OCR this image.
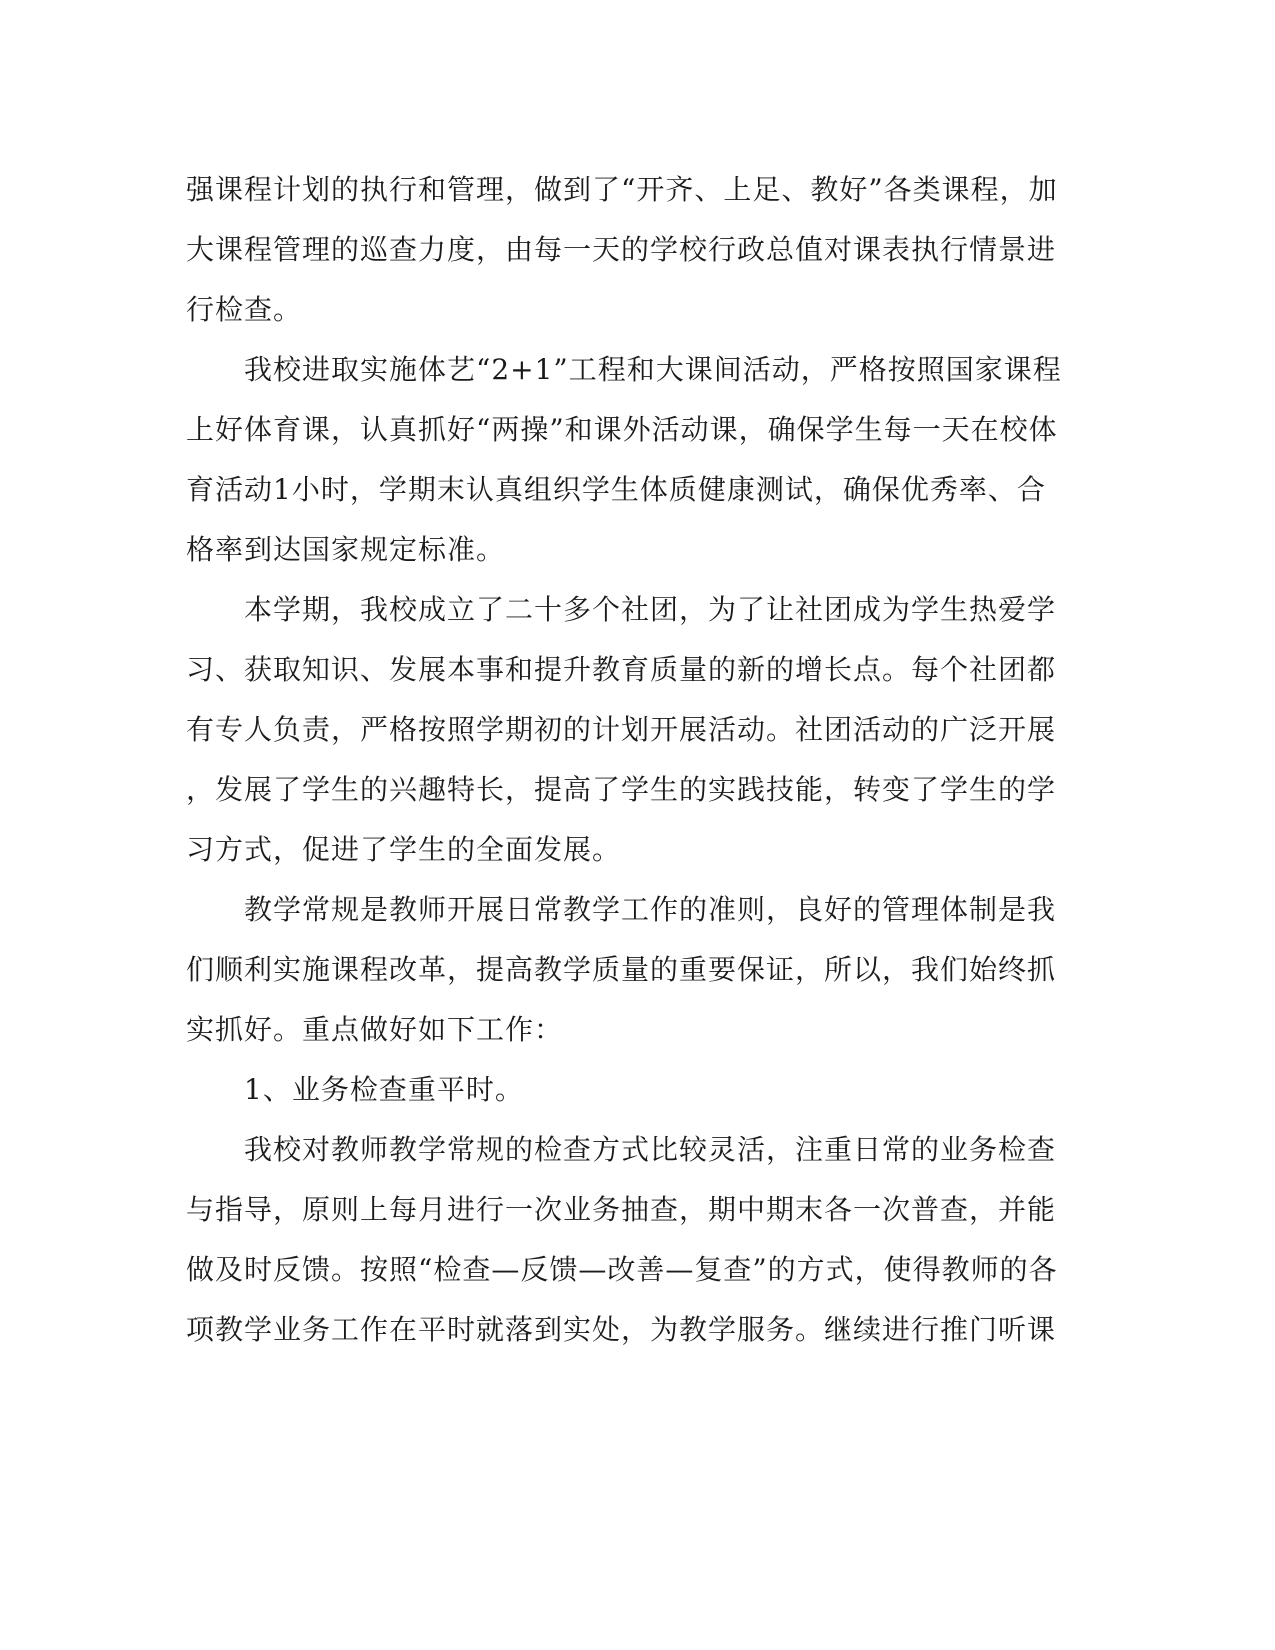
强课程计划的执行和管理，做到了“开齐、上足、教好”各类课程，加
大课程管理的巡查力度，由每一天的学校行政总值对课表执行情景进
行检查。

　　我校进取实施体艺“2+1”工程和大课间活动，严格按照国家课程
上好体育课，认真抓好“两操”和课外活动课，确保学生每一天在校体
育活动1小时，学期末认真组织学生体质健康测试，确保优秀率、合
格率到达国家规定标准。

　　本学期，我校成立了二十多个社团，为了让社团成为学生热爱学
习、获取知识、发展本事和提升教育质量的新的增长点。每个社团都
有专人负责，严格按照学期初的计划开展活动。社团活动的广泛开展
，发展了学生的兴趣特长，提高了学生的实践技能，转变了学生的学
习方式，促进了学生的全面发展。

　　教学常规是教师开展日常教学工作的准则，良好的管理体制是我
们顺利实施课程改革，提高教学质量的重要保证，所以，我们始终抓
实抓好。重点做好如下工作：

　　1、业务检查重平时。

　　我校对教师教学常规的检查方式比较灵活，注重日常的业务检查
与指导，原则上每月进行一次业务抽查，期中期末各一次普查，并能
做及时反馈。按照“检查—反馈—改善—复查”的方式，使得教师的各
项教学业务工作在平时就落到实处，为教学服务。继续进行推门听课
